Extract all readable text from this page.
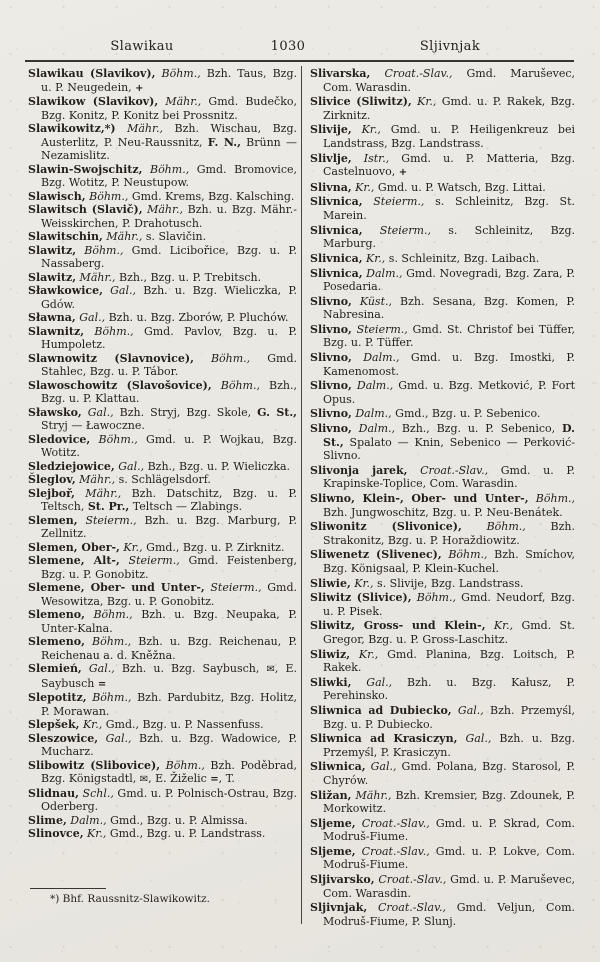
Slawikau	1030	Sljivnjak

Slawikau (Slavikov), Böhm., Bzh. Taus, Bzg. u. P. Neugedein, +

Slawikow (Slavikov), Mähr., Gmd. Budečko, Bzg. Konitz, P. Konitz bei Prossnitz.

Slawikowitz,*) Mähr., Bzh. Wischau, Bzg. Austerlitz, P. Neu-Raussnitz, F. N., Brünn — Nezamislitz.

Slawin-Swojschitz, Böhm., Gmd. Bromovice, Bzg. Wotitz, P. Neustupow.

Slawisch, Böhm., Gmd. Krems, Bzg. Kalsching.

Slawitsch (Slavič), Mähr., Bzh. u. Bzg. Mähr.-Weisskirchen, P. Drahotusch.

Slawitschin, Mähr., s. Slavičin.

Slawitz, Böhm., Gmd. Licibořice, Bzg. u. P. Nassaberg.

Slawitz, Mähr., Bzh., Bzg. u. P. Trebitsch.

Sławkowice, Gal., Bzh. u. Bzg. Wieliczka, P. Gdów.

Sławna, Gal., Bzh. u. Bzg. Zborów, P. Pluchów.

Slawnitz, Böhm., Gmd. Pavlov, Bzg. u. P. Humpoletz.

Slawnowitz (Slavnovice), Böhm., Gmd. Stahlec, Bzg. u. P. Tábor.

Slawoschowitz (Slavošovice), Böhm., Bzh., Bzg. u. P. Klattau.

Sławsko, Gal., Bzh. Stryj, Bzg. Skole, G. St., Stryj — Ławoczne.

Sledovice, Böhm., Gmd. u. P. Wojkau, Bzg. Wotitz.

Sledziejowice, Gal., Bzh., Bzg. u. P. Wieliczka.

Šleglov, Mähr., s. Schlägelsdorf.

Slejboř, Mähr., Bzh. Datschitz, Bzg. u. P. Teltsch, St. Pr., Teltsch — Zlabings.

Slemen, Steierm., Bzh. u. Bzg. Marburg, P. Zellnitz.

Slemen, Ober-, Kr., Gmd., Bzg. u. P. Zirknitz.

Slemene, Alt-, Steierm., Gmd. Feistenberg, Bzg. u. P. Gonobitz.

Slemene, Ober- und Unter-, Steierm., Gmd. Wesowitza, Bzg. u. P. Gonobitz.

Slemeno, Böhm., Bzh. u. Bzg. Neupaka, P. Unter-Kalna.

Slemeno, Böhm., Bzh. u. Bzg. Reichenau, P. Reichenau a. d. Kněžna.

Slemień, Gal., Bzh. u. Bzg. Saybusch, ✉, E. Saybusch =

Slepotitz, Böhm., Bzh. Pardubitz, Bzg. Holitz, P. Morawan.

Slepšek, Kr., Gmd., Bzg. u. P. Nassenfuss.

Sleszowice, Gal., Bzh. u. Bzg. Wadowice, P. Mucharz.

Slibowitz (Slibovice), Böhm., Bzh. Poděbrad, Bzg. Königstadtl, ✉, E. Žiželic =, T.

Slidnau, Schl., Gmd. u. P. Polnisch-Ostrau, Bzg. Oderberg.

Slime, Dalm., Gmd., Bzg. u. P. Almissa.

Slinovce, Kr., Gmd., Bzg. u. P. Landstrass.

Slivarska, Croat.-Slav., Gmd. Maruševec, Com. Warasdin.

Slivice (Sliwitz), Kr., Gmd. u. P. Rakek, Bzg. Zirknitz.

Slivije, Kr., Gmd. u. P. Heiligenkreuz bei Landstrass, Bzg. Landstrass.

Slivlje, Istr., Gmd. u. P. Matteria, Bzg. Castelnuovo, +

Slivna, Kr., Gmd. u. P. Watsch, Bzg. Littai.

Slivnica, Steierm., s. Schleinitz, Bzg. St. Marein.

Slivnica, Steierm., s. Schleinitz, Bzg. Marburg.

Slivnica, Kr., s. Schleinitz, Bzg. Laibach.

Slivnica, Dalm., Gmd. Novegradi, Bzg. Zara, P. Posedaria.

Slivno, Küst., Bzh. Sesana, Bzg. Komen, P. Nabresina.

Slivno, Steierm., Gmd. St. Christof bei Tüffer, Bzg. u. P. Tüffer.

Slivno, Dalm., Gmd. u. Bzg. Imostki, P. Kamenomost.

Slivno, Dalm., Gmd. u. Bzg. Metković, P. Fort Opus.

Slivno, Dalm., Gmd., Bzg. u. P. Sebenico.

Slivno, Dalm., Bzh., Bzg. u. P. Sebenico, D. St., Spalato — Knin, Sebenico — Perković-Slivno.

Slivonja jarek, Croat.-Slav., Gmd. u. P. Krapinske-Toplice, Com. Warasdin.

Sliwno, Klein-, Ober- und Unter-, Böhm., Bzh. Jungwoschitz, Bzg. u. P. Neu-Benátek.

Sliwonitz (Slivonice), Böhm., Bzh. Strakonitz, Bzg. u. P. Horaždiowitz.

Sliwenetz (Slivenec), Böhm., Bzh. Smíchov, Bzg. Königsaal, P. Klein-Kuchel.

Sliwie, Kr., s. Slivije, Bzg. Landstrass.

Sliwitz (Slivice), Böhm., Gmd. Neudorf, Bzg. u. P. Pisek.

Sliwitz, Gross- und Klein-, Kr., Gmd. St. Gregor, Bzg. u. P. Gross-Laschitz.

Sliwiz, Kr., Gmd. Planina, Bzg. Loitsch, P. Rakek.

Sliwki, Gal., Bzh. u. Bzg. Kałusz, P. Perehinsko.

Sliwnica ad Dubiecko, Gal., Bzh. Przemyśl, Bzg. u. P. Dubiecko.

Sliwnica ad Krasiczyn, Gal., Bzh. u. Bzg. Przemyśl, P. Krasiczyn.

Sliwnica, Gal., Gmd. Polana, Bzg. Starosol, P. Chyrów.

Sližan, Mähr., Bzh. Kremsier, Bzg. Zdounek, P. Morkowitz.

Sljeme, Croat.-Slav., Gmd. u. P. Skrad, Com. Modruš-Fiume.

Sljeme, Croat.-Slav., Gmd. u. P. Lokve, Com. Modruš-Fiume.

Sljivarsko, Croat.-Slav., Gmd. u. P. Maruševec, Com. Warasdin.

Sljivnjak, Croat.-Slav., Gmd. Veljun, Com. Modruš-Fiume, P. Slunj.

*) Bhf. Raussnitz-Slawikowitz.
